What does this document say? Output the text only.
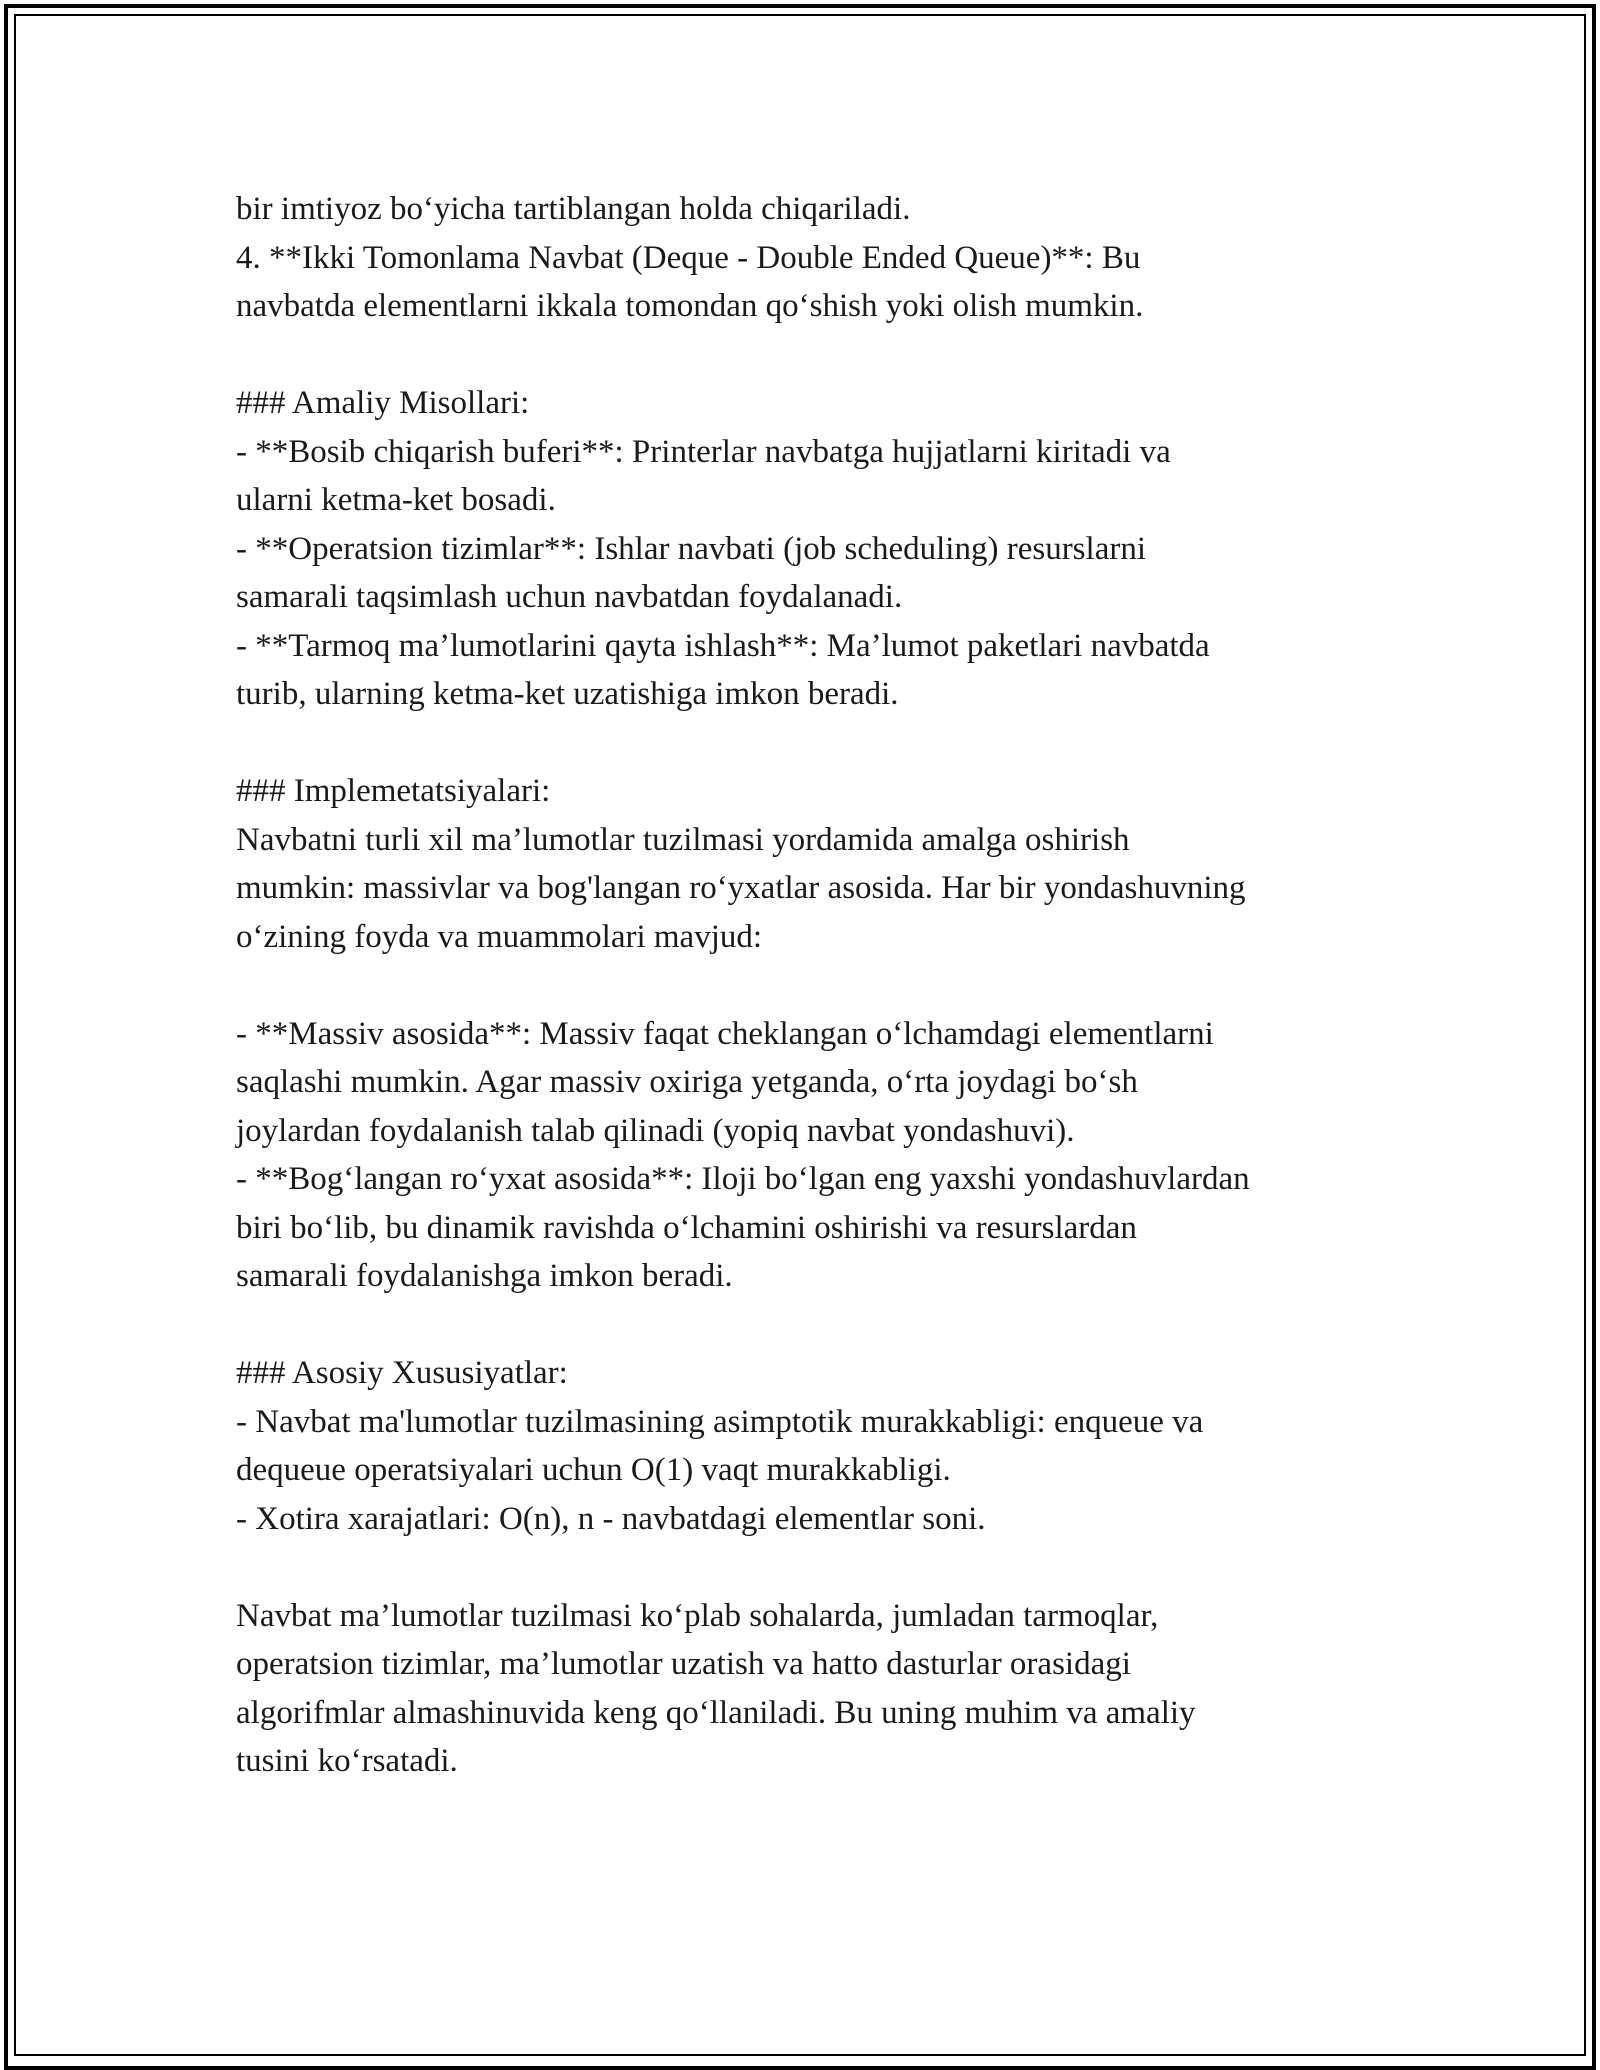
bir imtiyoz bo‘yicha tartiblangan holda chiqariladi.
4. **Ikki Tomonlama Navbat (Deque - Double Ended Queue)**: Bu
navbatda elementlarni ikkala tomondan qo‘shish yoki olish mumkin.
### Amaliy Misollari:
- **Bosib chiqarish buferi**: Printerlar navbatga hujjatlarni kiritadi va
ularni ketma-ket bosadi.
- **Operatsion tizimlar**: Ishlar navbati (job scheduling) resurslarni
samarali taqsimlash uchun navbatdan foydalanadi.
- **Tarmoq ma’lumotlarini qayta ishlash**: Ma’lumot paketlari navbatda
turib, ularning ketma-ket uzatishiga imkon beradi.
### Implemetatsiyalari:
Navbatni turli xil ma’lumotlar tuzilmasi yordamida amalga oshirish
mumkin: massivlar va bog'langan ro‘yxatlar asosida. Har bir yondashuvning
o‘zining foyda va muammolari mavjud:
- **Massiv asosida**: Massiv faqat cheklangan o‘lchamdagi elementlarni
saqlashi mumkin. Agar massiv oxiriga yetganda, o‘rta joydagi bo‘sh
joylardan foydalanish talab qilinadi (yopiq navbat yondashuvi).
- **Bog‘langan ro‘yxat asosida**: Iloji bo‘lgan eng yaxshi yondashuvlardan
biri bo‘lib, bu dinamik ravishda o‘lchamini oshirishi va resurslardan
samarali foydalanishga imkon beradi.
### Asosiy Xususiyatlar:
- Navbat ma'lumotlar tuzilmasining asimptotik murakkabligi: enqueue va
dequeue operatsiyalari uchun O(1) vaqt murakkabligi.
- Xotira xarajatlari: O(n), n - navbatdagi elementlar soni.
Navbat ma’lumotlar tuzilmasi ko‘plab sohalarda, jumladan tarmoqlar,
operatsion tizimlar, ma’lumotlar uzatish va hatto dasturlar orasidagi
algorifmlar almashinuvida keng qo‘llaniladi. Bu uning muhim va amaliy
tusini ko‘rsatadi.
